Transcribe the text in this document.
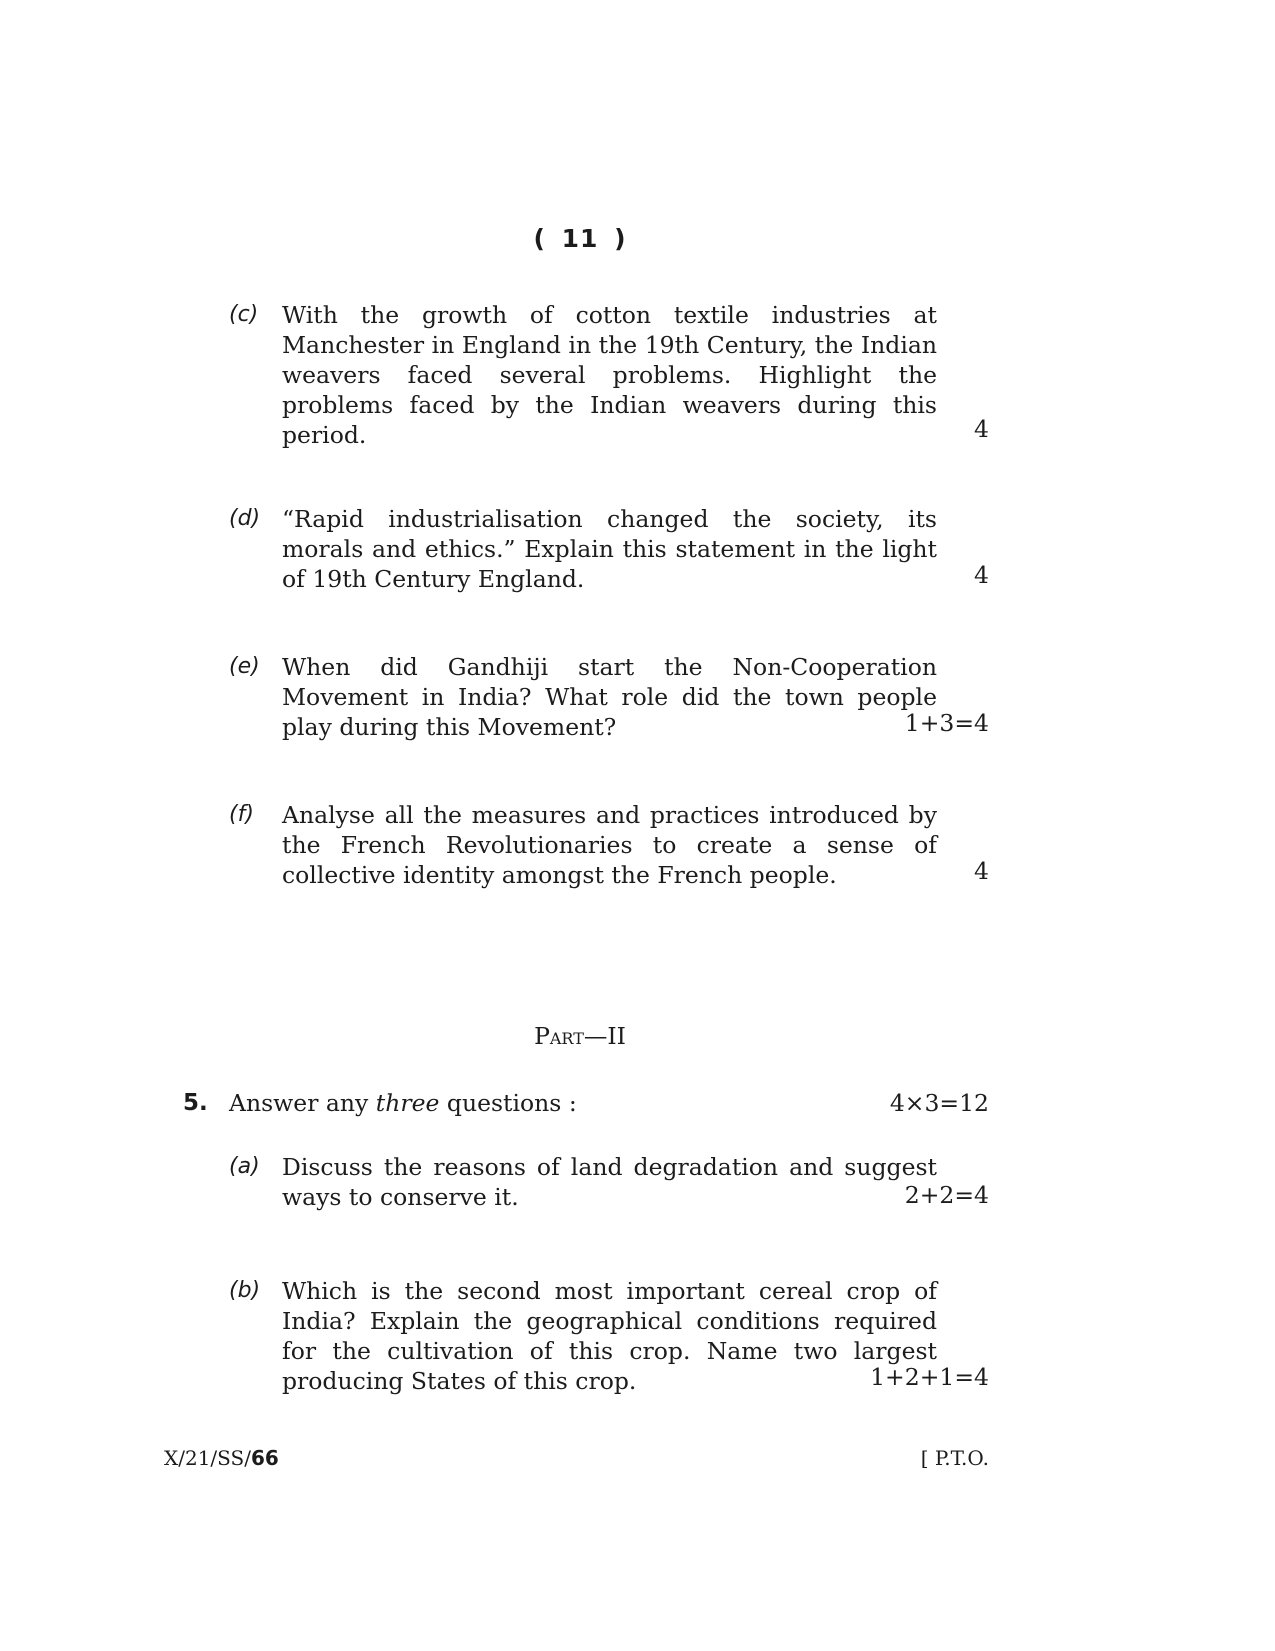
( 11 )
(c) With the growth of cotton textile industries at Manchester in England in the 19th Century, the Indian weavers faced several problems. Highlight the problems faced by the Indian weavers during this period.	4
(d) “Rapid industrialisation changed the society, its morals and ethics.” Explain this statement in the light of 19th Century England.	4
(e) When did Gandhiji start the Non-Cooperation Movement in India? What role did the town people play during this Movement?	1+3=4
(f) Analyse all the measures and practices introduced by the French Revolutionaries to create a sense of collective identity amongst the French people.	4
Part—II
5. Answer any three questions :	4×3=12
(a) Discuss the reasons of land degradation and suggest ways to conserve it.	2+2=4
(b) Which is the second most important cereal crop of India? Explain the geographical conditions required for the cultivation of this crop. Name two largest producing States of this crop.	1+2+1=4
X/21/SS/66	[ P.T.O.
